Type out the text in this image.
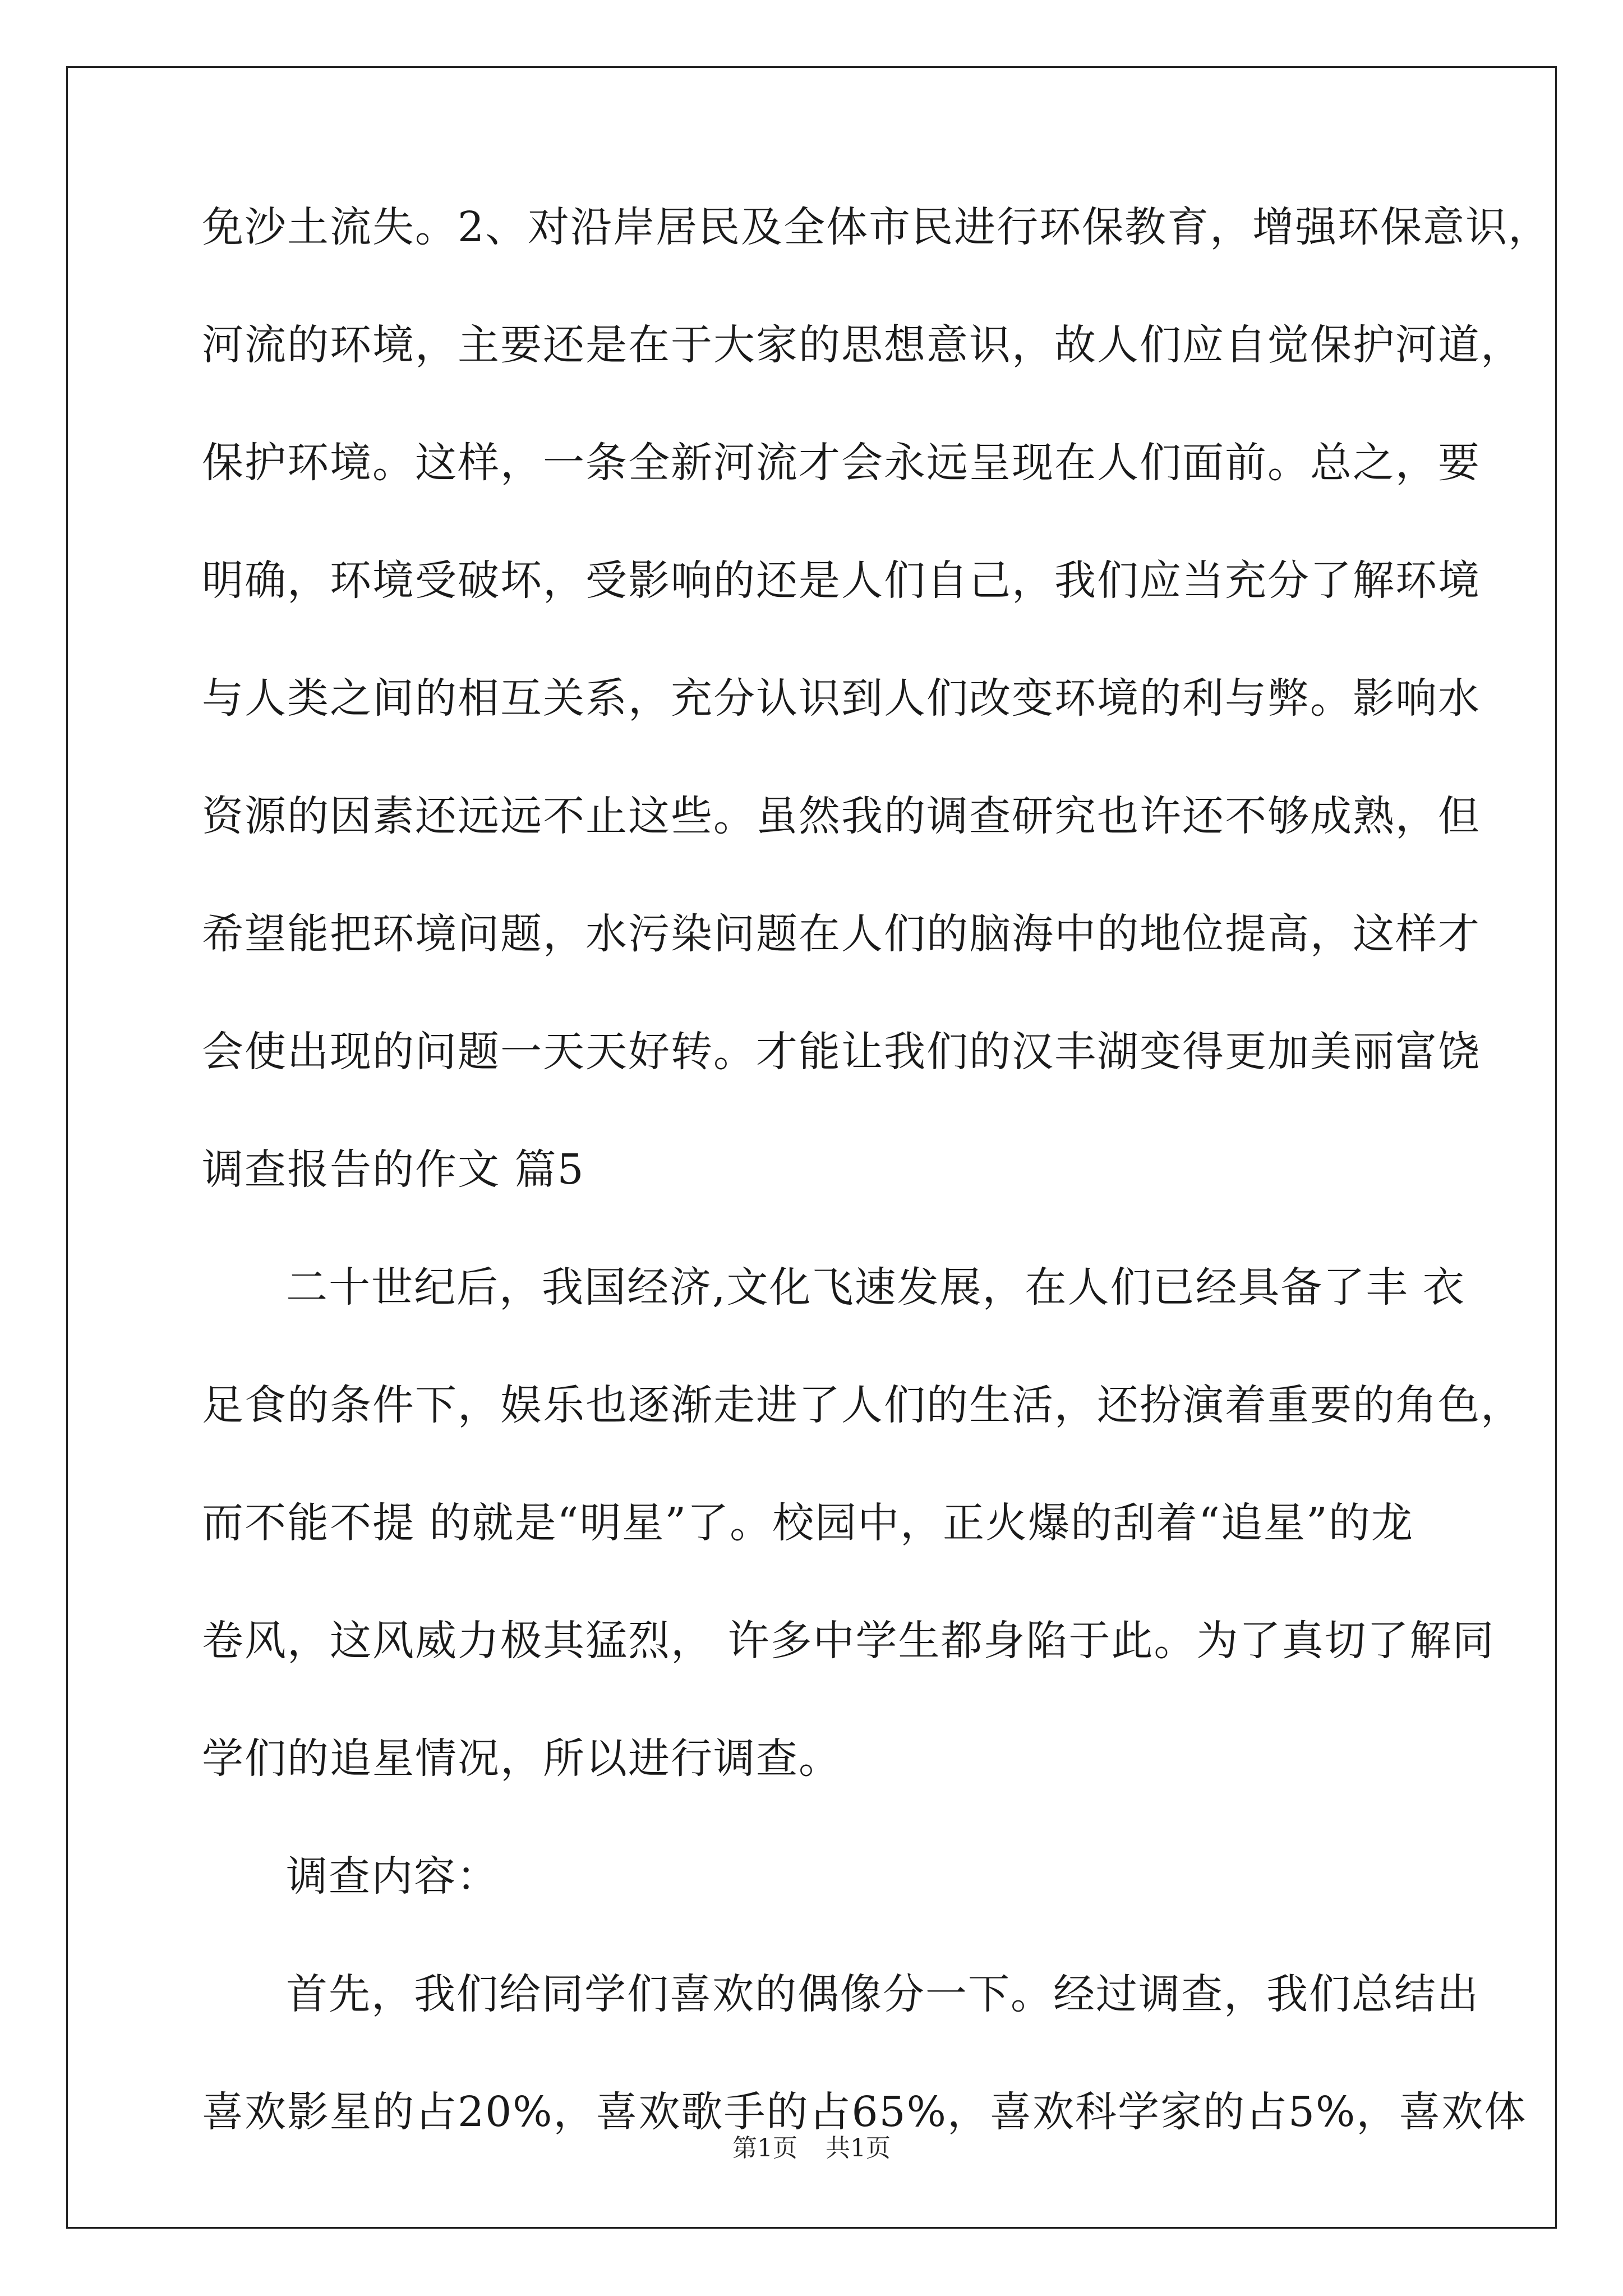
免沙土流失。2、对沿岸居民及全体市民进行环保教育，增强环保意识，
河流的环境，主要还是在于大家的思想意识，故人们应自觉保护河道，
保护环境。这样，一条全新河流才会永远呈现在人们面前。总之，要
明确，环境受破坏，受影响的还是人们自己，我们应当充分了解环境
与人类之间的相互关系，充分认识到人们改变环境的利与弊。影响水
资源的因素还远远不止这些。虽然我的调查研究也许还不够成熟，但
希望能把环境问题，水污染问题在人们的脑海中的地位提高，这样才
会使出现的问题一天天好转。才能让我们的汉丰湖变得更加美丽富饶
调查报告的作文 篇5
二十世纪后，我国经济,文化飞速发展，在人们已经具备了丰 衣
足食的条件下，娱乐也逐渐走进了人们的生活，还扮演着重要的角色，
而不能不提 的就是“明星”了。校园中，正火爆的刮着“追星”的龙
卷风，这风威力极其猛烈， 许多中学生都身陷于此。为了真切了解同
学们的追星情况，所以进行调查。
调查内容：
首先，我们给同学们喜欢的偶像分一下。经过调查，我们总结出
喜欢影星的占20%，喜欢歌手的占65%，喜欢科学家的占5%，喜欢体
第1页 共1页
